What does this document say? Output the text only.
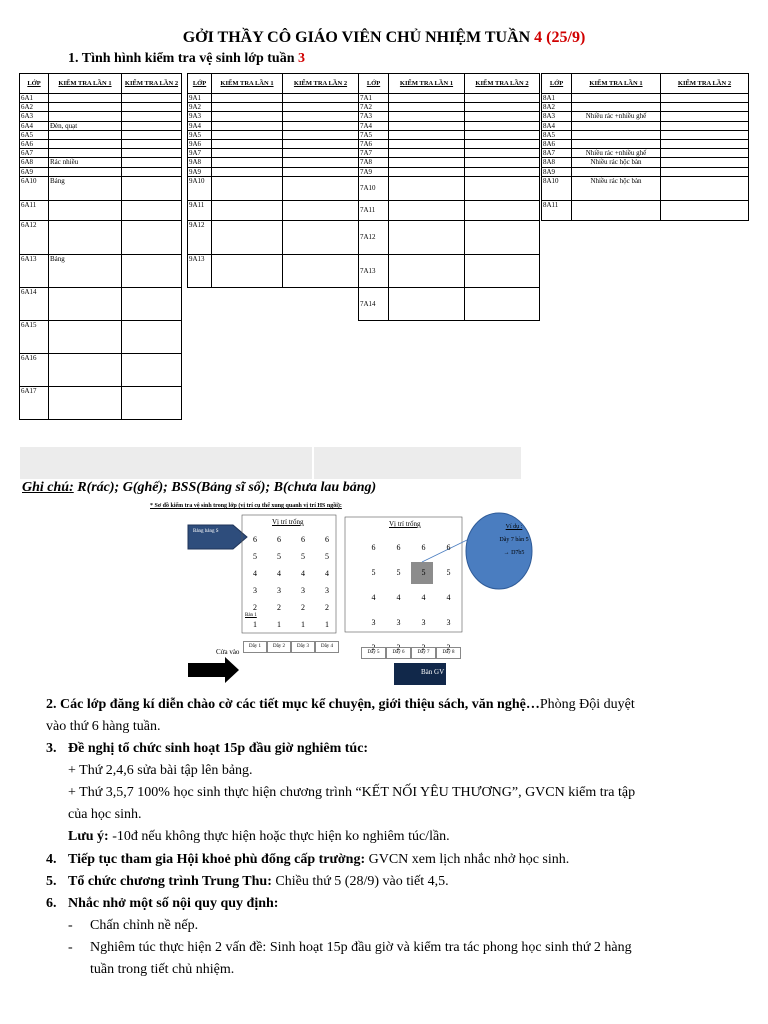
GỞI THẦY CÔ GIÁO VIÊN CHỦ NHIỆM TUẦN 4 (25/9)
1. Tình hình kiểm tra vệ sinh lớp tuần 3
LỚP	KIỂM TRA LẦN 1	KIỂM TRA LẦN 2
6A1		
6A2		
6A3		
6A4	Đèn, quạt	
6A5		
6A6		
6A7		
6A8	Rác nhiều	
6A9		
6A10	Bảng	
6A11		
6A12		
6A13	Bảng	
6A14		
6A15		
6A16		
6A17		
LỚP	KIỂM TRA LẦN 1	KIỂM TRA LẦN 2
9A1		
9A2		
9A3		
9A4		
9A5		
9A6		
9A7		
9A8		
9A9		
9A10		
9A11		
9A12		
9A13		
LỚP	KIỂM TRA LẦN 1	KIỂM TRA LẦN 2
7A1		
7A2		
7A3		
7A4		
7A5		
7A6		
7A7		
7A8		
7A9		
7A10		
7A11		
7A12		
7A13		
7A14		
LỚP	KIỂM TRA LẦN 1	KIỂM TRA LẦN 2
8A1		
8A2		
8A3	Nhiều rác +nhiều ghế	
8A4		
8A5		
8A6		
8A7	Nhiều rác +nhiều ghế	
8A8	Nhiều rác hộc bàn	
8A9		
8A10	Nhiều rác hộc bàn	
8A11		
Ghi chú: R(rác); G(ghế); BSS(Bảng sĩ số); B(chưa lau bảng)
* Sơ đồ kiểm tra vệ sinh trong lớp (vị trí cụ thể xung quanh vị trí HS ngồi):
Bảng bảng S
Cửa vào
Vị trí trống	Vị trí trống
6	6	6	6
5	5	5	5
4	4	4	4
3	3	3	3
2	2	2	2
1	1	1	1
Dãy 1	Dãy 2	Dãy 3	Dãy 4
6	6	6	6
5	5	5	5
4	4	4	4
3	3	3	3
2	2	2	2
Dãy 5	Dãy 6	Dãy 7	Dãy 8
Bàn 1
Bàn GV
Ví dụ :
Dãy 7 bàn 5
→ D7b5
2. Các lớp đăng kí diễn chào cờ các tiết mục kể chuyện, giới thiệu sách, văn nghệ…Phòng Đội duyệt
vào thứ 6 hàng tuần.
3. Đề nghị tổ chức sinh hoạt 15p đầu giờ nghiêm túc:
+ Thứ 2,4,6 sửa bài tập lên bảng.
+ Thứ 3,5,7 100% học sinh thực hiện chương trình “KẾT NỐI YÊU THƯƠNG”, GVCN kiểm tra tập
của học sinh.
Lưu ý: -10đ nếu không thực hiện hoặc thực hiện ko nghiêm túc/lần.
4. Tiếp tục tham gia Hội khoẻ phù đổng cấp trường: GVCN xem lịch nhắc nhở học sinh.
5. Tổ chức chương trình Trung Thu: Chiều thứ 5 (28/9) vào tiết 4,5.
6. Nhắc nhở một số nội quy quy định:
- Chấn chỉnh nề nếp.
- Nghiêm túc thực hiện 2 vấn đề: Sinh hoạt 15p đầu giờ và kiểm tra tác phong học sinh thứ 2 hàng
tuần trong tiết chủ nhiệm.
